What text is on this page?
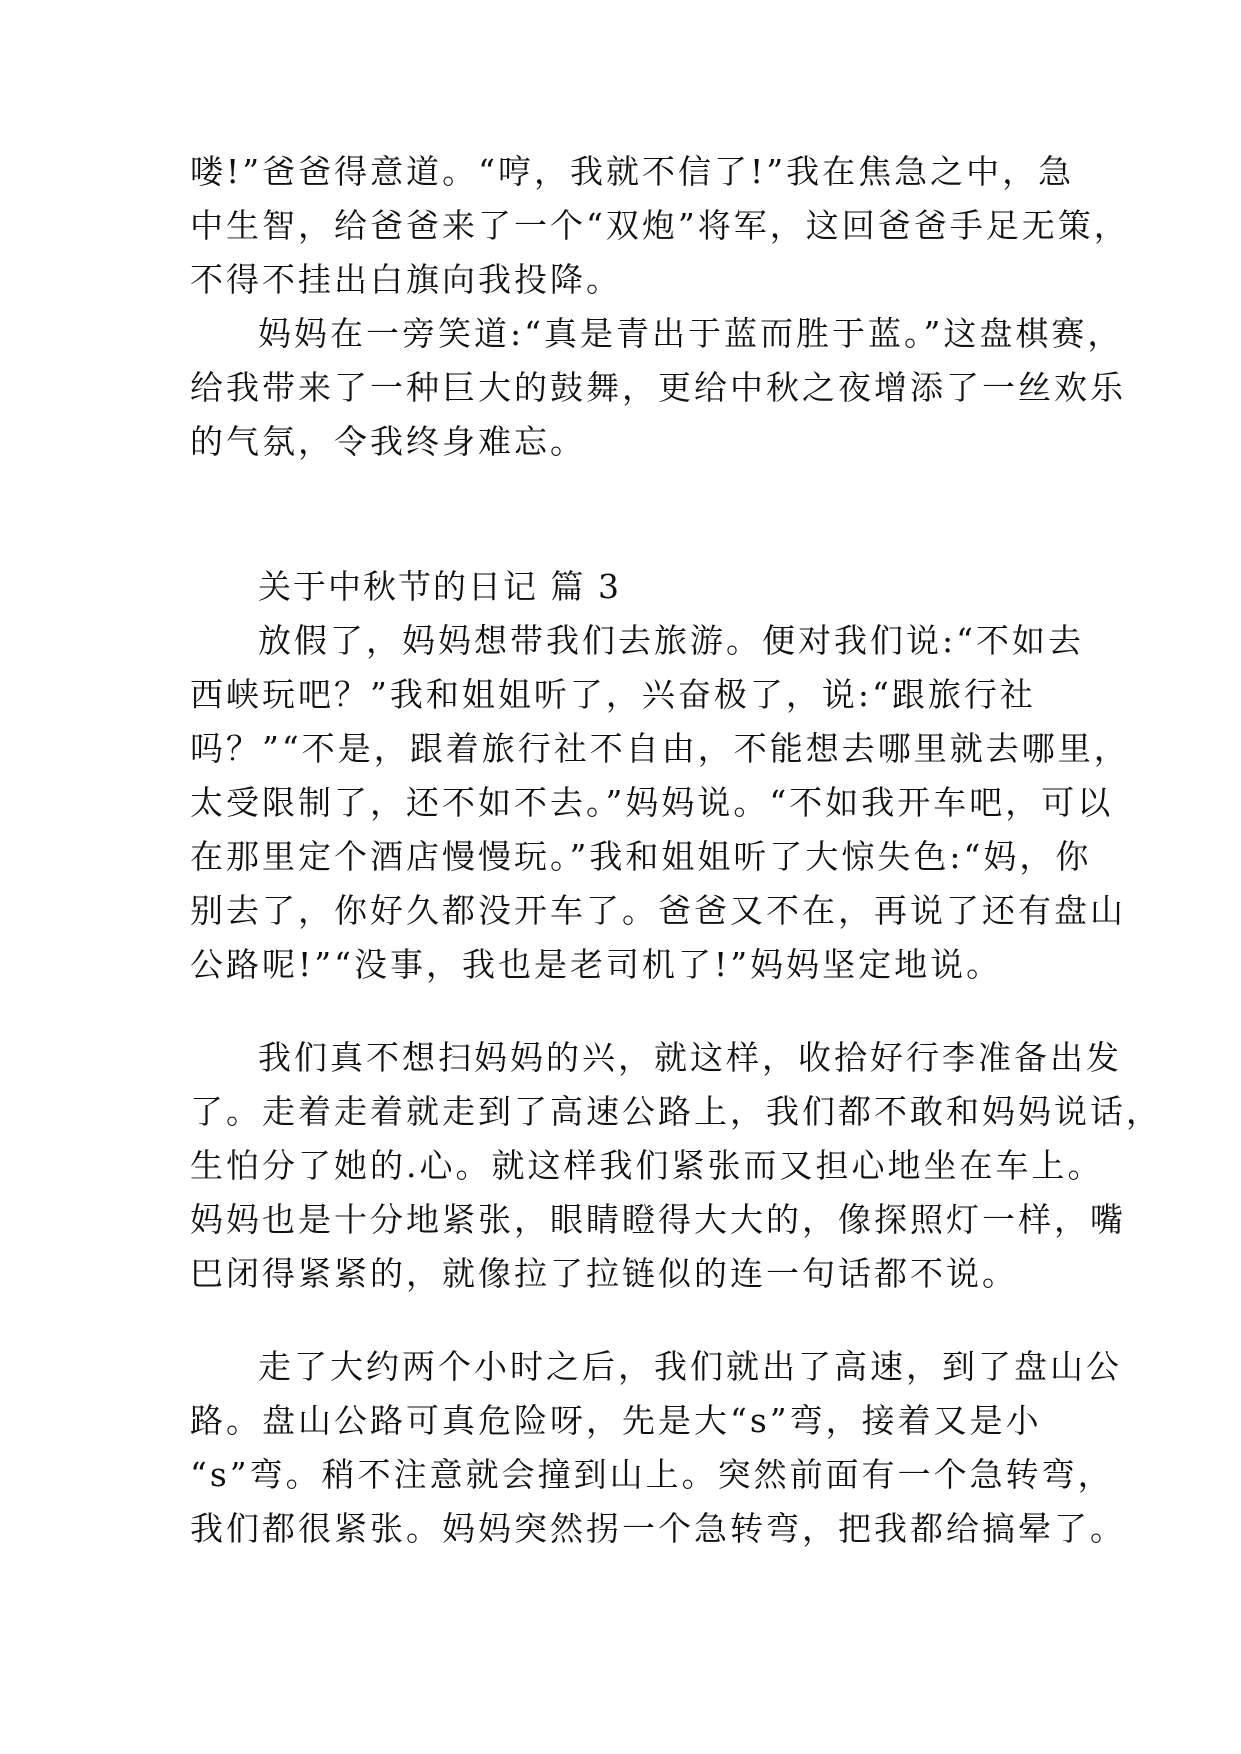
喽!”爸爸得意道。“哼，我就不信了!”我在焦急之中，急
中生智，给爸爸来了一个“双炮”将军，这回爸爸手足无策，
不得不挂出白旗向我投降。
妈妈在一旁笑道:“真是青出于蓝而胜于蓝。”这盘棋赛，
给我带来了一种巨大的鼓舞，更给中秋之夜增添了一丝欢乐
的气氛，令我终身难忘。
关于中秋节的日记 篇 3
放假了，妈妈想带我们去旅游。便对我们说:“不如去
西峡玩吧？”我和姐姐听了，兴奋极了，说:“跟旅行社
吗？”“不是，跟着旅行社不自由，不能想去哪里就去哪里，
太受限制了，还不如不去。”妈妈说。“不如我开车吧，可以
在那里定个酒店慢慢玩。”我和姐姐听了大惊失色:“妈，你
别去了，你好久都没开车了。爸爸又不在，再说了还有盘山
公路呢!”“没事，我也是老司机了!”妈妈坚定地说。
我们真不想扫妈妈的兴，就这样，收拾好行李准备出发
了。走着走着就走到了高速公路上，我们都不敢和妈妈说话，
生怕分了她的.心。就这样我们紧张而又担心地坐在车上。
妈妈也是十分地紧张，眼睛瞪得大大的，像探照灯一样，嘴
巴闭得紧紧的，就像拉了拉链似的连一句话都不说。
走了大约两个小时之后，我们就出了高速，到了盘山公
路。盘山公路可真危险呀，先是大“s”弯，接着又是小
“s”弯。稍不注意就会撞到山上。突然前面有一个急转弯，
我们都很紧张。妈妈突然拐一个急转弯，把我都给搞晕了。
